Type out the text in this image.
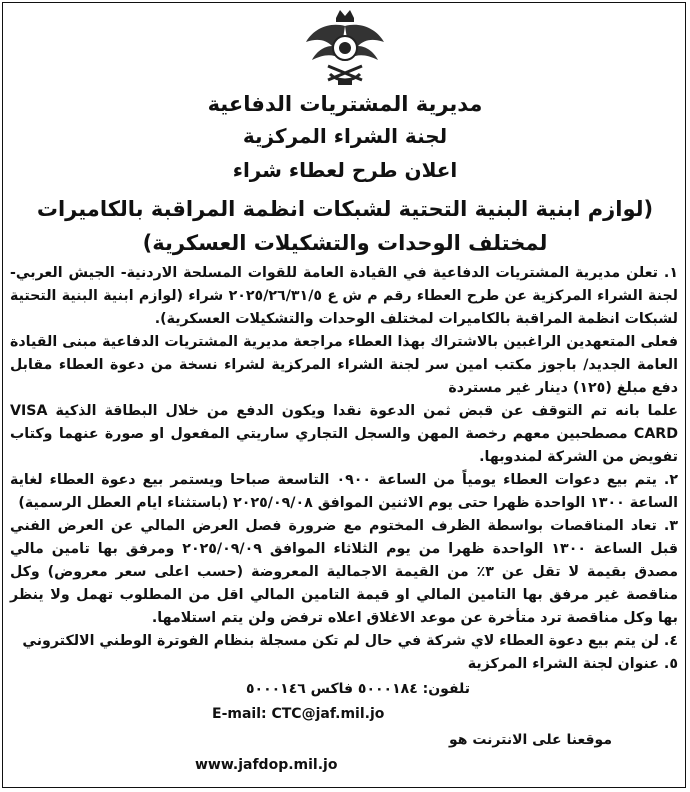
مديرية المشتريات الدفاعية
لجنة الشراء المركزية
اعلان طرح لعطاء شراء
(لوازم ابنية البنية التحتية لشبكات انظمة المراقبة بالكاميرات لمختلف الوحدات والتشكيلات العسكرية)

١. تعلن مديرية المشتريات الدفاعية في القيادة العامة للقوات المسلحة الاردنية- الجيش العربي- لجنة الشراء المركزية عن طرح العطاء رقم م ش ع ٢٠٢٥/٢٦/٣١/٥ شراء (لوازم ابنية البنية التحتية لشبكات انظمة المراقبة بالكاميرات لمختلف الوحدات والتشكيلات العسكرية).

فعلى المتعهدين الراغبين بالاشتراك بهذا العطاء مراجعة مديرية المشتريات الدفاعية مبنى القيادة العامة الجديد/ باجوز مكتب امين سر لجنة الشراء المركزية لشراء نسخة من دعوة العطاء مقابل دفع مبلغ (١٢٥) دينار غير مستردة

علما بانه تم التوقف عن قبض ثمن الدعوة نقدا ويكون الدفع من خلال البطاقة الذكية VISA CARD مصطحبين معهم رخصة المهن والسجل التجاري ساريتي المفعول او صورة عنهما وكتاب تفويض من الشركة لمندوبها.

٢. يتم بيع دعوات العطاء يومياً من الساعة ٠٩٠٠ التاسعة صباحا ويستمر بيع دعوة العطاء لغاية الساعة ١٣٠٠ الواحدة ظهرا حتى يوم الاثنين الموافق ٢٠٢٥/٠٩/٠٨ (باستثناء ايام العطل الرسمية)

٣. تعاد المناقصات بواسطة الظرف المختوم مع ضرورة فصل العرض المالي عن العرض الفني قبل الساعة ١٣٠٠ الواحدة ظهرا من يوم الثلاثاء الموافق ٢٠٢٥/٠٩/٠٩ ومرفق بها تامين مالي مصدق بقيمة لا تقل عن ٣٪ من القيمة الاجمالية المعروضة (حسب اعلى سعر معروض) وكل مناقصة غير مرفق بها التامين المالي او قيمة التامين المالي اقل من المطلوب تهمل ولا ينظر بها وكل مناقصة ترد متأخرة عن موعد الاغلاق اعلاه ترفض ولن يتم استلامها.

٤. لن يتم بيع دعوة العطاء لاي شركة في حال لم تكن مسجلة بنظام الفوترة الوطني الالكتروني

٥. عنوان لجنة الشراء المركزية

تلفون: ٥٠٠٠١٨٤ فاكس ٥٠٠٠١٤٦
E-mail: CTC@jaf.mil.jo
موقعنا على الانترنت هو
www.jafdop.mil.jo
